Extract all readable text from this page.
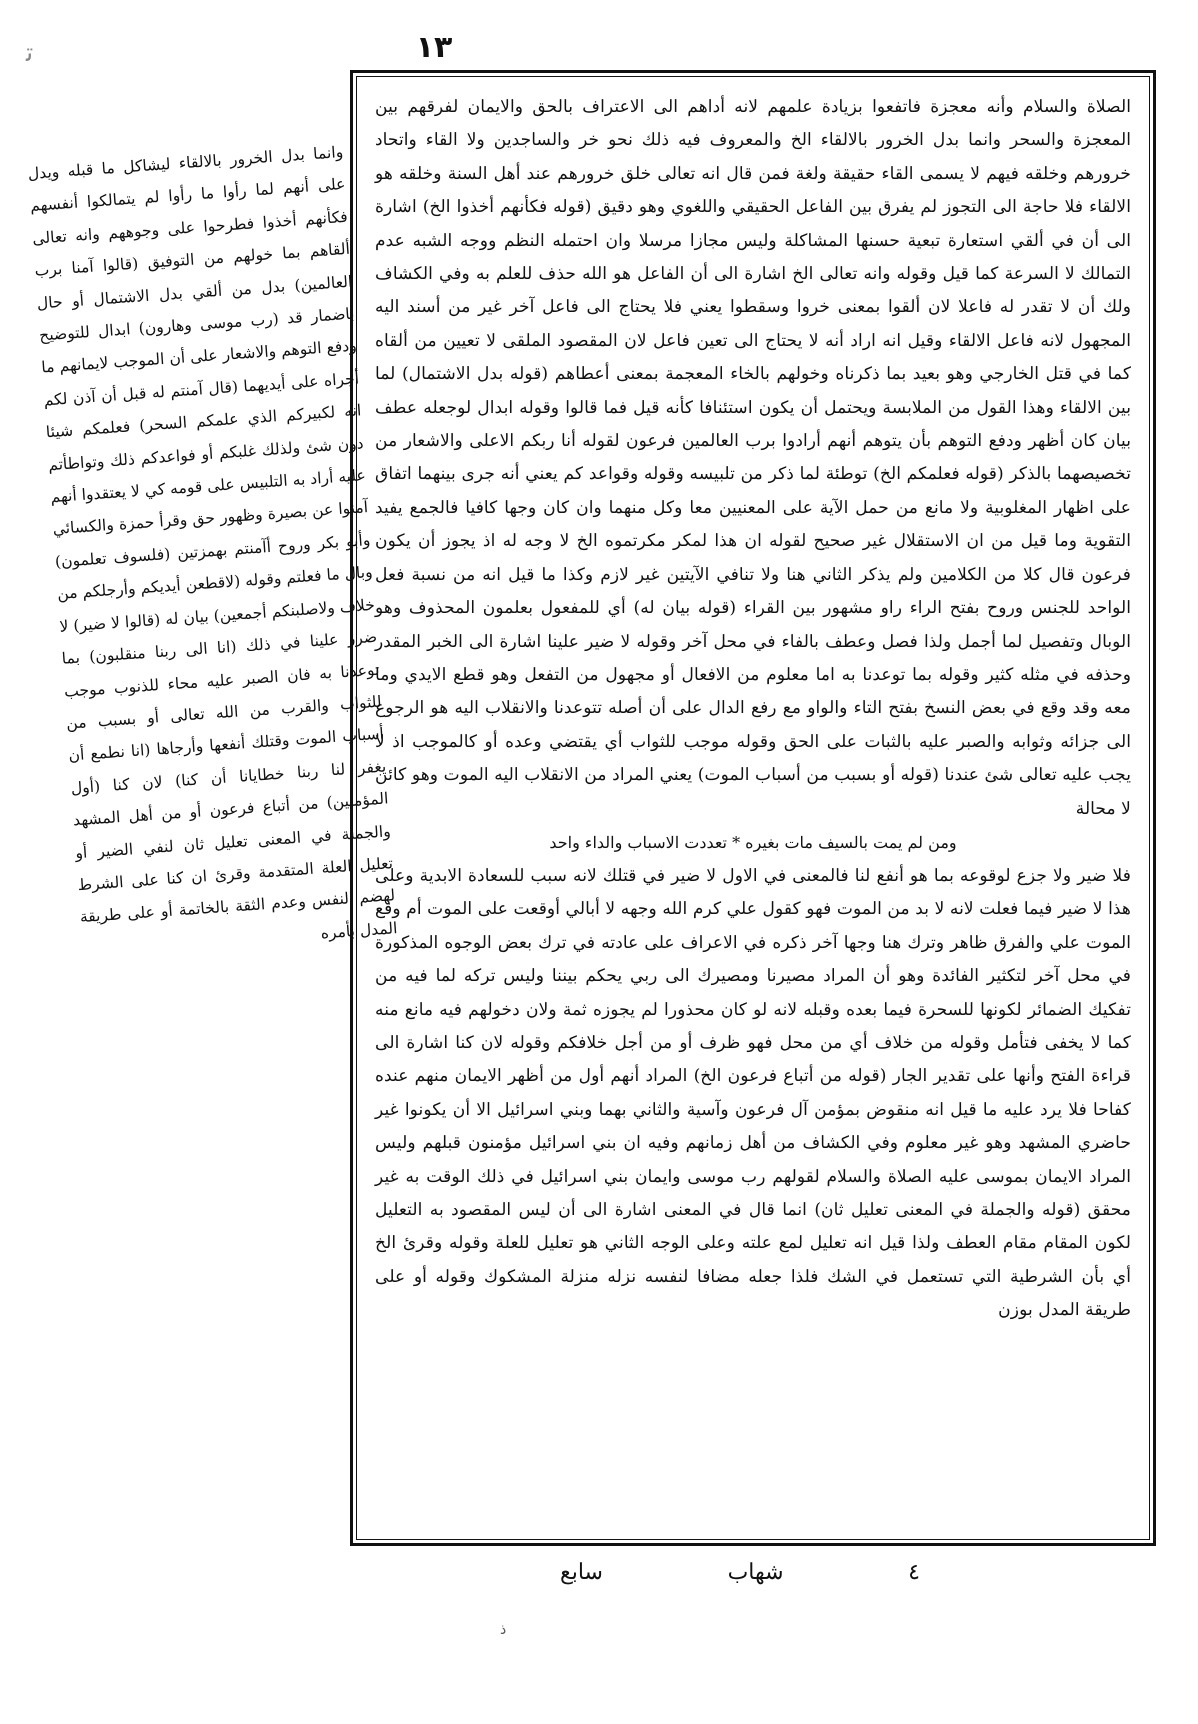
ﺗ	١٣
وانما بدل الخرور بالالقاء ليشاكل ما قبله ويدل على أنهم لما رأوا ما رأوا لم يتمالكوا أنفسهم فكأنهم أخذوا فطرحوا على وجوههم وانه تعالى ألقاهم بما خولهم من التوفيق (قالوا آمنا برب العالمين) بدل من ألقي بدل الاشتمال أو حال باضمار قد (رب موسى وهارون) ابدال للتوضيح ودفع التوهم والاشعار على أن الموجب لايمانهم ما أجراه على أيديهما (قال آمنتم له قبل أن آذن لكم انه لكبيركم الذي علمكم السحر) فعلمكم شيئا دون شئ ولذلك غلبكم أو فواعدكم ذلك وتواطأتم عليه أراد به التلبيس على قومه كي لا يعتقدوا أنهم آمنوا عن بصيرة وظهور حق وقرأ حمزة والكسائي وأبو بكر وروح أآمنتم بهمزتين (فلسوف تعلمون) وبال ما فعلتم وقوله (لاقطعن أيديكم وأرجلكم من خلاف ولاصلبنكم أجمعين) بيان له (قالوا لا ضير) لا ضرر علينا في ذلك (انا الى ربنا منقلبون) بما توعدنا به فان الصبر عليه محاء للذنوب موجب للثواب والقرب من الله تعالى أو بسبب من أسباب الموت وقتلك أنفعها وأرجاها (انا نطمع أن يغفر لنا ربنا خطايانا أن كنا) لان كنا (أول المؤمنين) من أتباع فرعون أو من أهل المشهد والجملة في المعنى تعليل ثان لنفي الضير أو تعليل العلة المتقدمة وقرئ ان كنا على الشرط لهضم النفس وعدم الثقة بالخاتمة أو على طريقة المدل بأمره

الصلاة والسلام وأنه معجزة فاتفعوا بزيادة علمهم لانه أداهم الى الاعتراف بالحق والايمان لفرقهم بين المعجزة والسحر وانما بدل الخرور بالالقاء الخ والمعروف فيه ذلك نحو خر والساجدين ولا القاء واتحاد خرورهم وخلقه فيهم لا يسمى القاء حقيقة ولغة فمن قال انه تعالى خلق خرورهم عند أهل السنة وخلقه هو الالقاء فلا حاجة الى التجوز لم يفرق بين الفاعل الحقيقي واللغوي وهو دقيق (قوله فكأنهم أخذوا الخ) اشارة الى أن في ألقي استعارة تبعية حسنها المشاكلة وليس مجازا مرسلا وان احتمله النظم ووجه الشبه عدم التمالك لا السرعة كما قيل وقوله وانه تعالى الخ اشارة الى أن الفاعل هو الله حذف للعلم به وفي الكشاف ولك أن لا تقدر له فاعلا لان ألقوا بمعنى خروا وسقطوا يعني فلا يحتاج الى فاعل آخر غير من أسند اليه المجهول لانه فاعل الالقاء وقيل انه اراد أنه لا يحتاج الى تعين فاعل لان المقصود الملقى لا تعيين من ألقاه كما في قتل الخارجي وهو بعيد بما ذكرناه وخولهم بالخاء المعجمة بمعنى أعطاهم (قوله بدل الاشتمال) لما بين الالقاء وهذا القول من الملابسة ويحتمل أن يكون استئنافا كأنه قيل فما قالوا وقوله ابدال لوجعله عطف بيان كان أظهر ودفع التوهم بأن يتوهم أنهم أرادوا برب العالمين فرعون لقوله أنا ربكم الاعلى والاشعار من تخصيصهما بالذكر (قوله فعلمكم الخ) توطئة لما ذكر من تلبيسه وقوله وقواعد كم يعني أنه جرى بينهما اتفاق على اظهار المغلوبية ولا مانع من حمل الآية على المعنيين معا وكل منهما وان كان وجها كافيا فالجمع يفيد التقوية وما قيل من ان الاستقلال غير صحيح لقوله ان هذا لمكر مكرتموه الخ لا وجه له اذ يجوز أن يكون فرعون قال كلا من الكلامين ولم يذكر الثاني هنا ولا تنافي الآيتين غير لازم وكذا ما قيل انه من نسبة فعل الواحد للجنس وروح بفتح الراء راو مشهور بين القراء (قوله بيان له) أي للمفعول بعلمون المحذوف وهو الوبال وتفصيل لما أجمل ولذا فصل وعطف بالفاء في محل آخر وقوله لا ضير علينا اشارة الى الخبر المقدر وحذفه في مثله كثير وقوله بما توعدنا به اما معلوم من الافعال أو مجهول من التفعل وهو قطع الايدي وما معه وقد وقع في بعض النسخ بفتح التاء والواو مع رفع الدال على أن أصله تتوعدنا والانقلاب اليه هو الرجوع الى جزائه وثوابه والصبر عليه بالثبات على الحق وقوله موجب للثواب أي يقتضي وعده أو كالموجب اذ لا يجب عليه تعالى شئ عندنا (قوله أو بسبب من أسباب الموت) يعني المراد من الانقلاب اليه الموت وهو كائن لا محالة

ومن لم يمت بالسيف مات بغيره * تعددت الاسباب والداء واحد

فلا ضير ولا جزع لوقوعه بما هو أنفع لنا فالمعنى في الاول لا ضير في قتلك لانه سبب للسعادة الابدية وعلى هذا لا ضير فيما فعلت لانه لا بد من الموت فهو كقول علي كرم الله وجهه لا أبالي أوقعت على الموت أم وقع الموت علي والفرق ظاهر وترك هنا وجها آخر ذكره في الاعراف على عادته في ترك بعض الوجوه المذكورة في محل آخر لتكثير الفائدة وهو أن المراد مصيرنا ومصيرك الى ربي يحكم بيننا وليس تركه لما فيه من تفكيك الضمائر لكونها للسحرة فيما بعده وقبله لانه لو كان محذورا لم يجوزه ثمة ولان دخولهم فيه مانع منه كما لا يخفى فتأمل وقوله من خلاف أي من محل فهو ظرف أو من أجل خلافكم وقوله لان كنا اشارة الى قراءة الفتح وأنها على تقدير الجار (قوله من أتباع فرعون الخ) المراد أنهم أول من أظهر الايمان منهم عنده كفاحا فلا يرد عليه ما قيل انه منقوض بمؤمن آل فرعون وآسية والثاني بهما وبني اسرائيل الا أن يكونوا غير حاضري المشهد وهو غير معلوم وفي الكشاف من أهل زمانهم وفيه ان بني اسرائيل مؤمنون قبلهم وليس المراد الايمان بموسى عليه الصلاة والسلام لقولهم رب موسى وايمان بني اسرائيل في ذلك الوقت به غير محقق (قوله والجملة في المعنى تعليل ثان) انما قال في المعنى اشارة الى أن ليس المقصود به التعليل لكون المقام مقام العطف ولذا قيل انه تعليل لمع علته وعلى الوجه الثاني هو تعليل للعلة وقوله وقرئ الخ أي بأن الشرطية التي تستعمل في الشك فلذا جعله مضافا لنفسه نزله منزلة المشكوك وقوله أو على طريقة المدل بوزن

٤
شهاب
سابع
ﺫ
